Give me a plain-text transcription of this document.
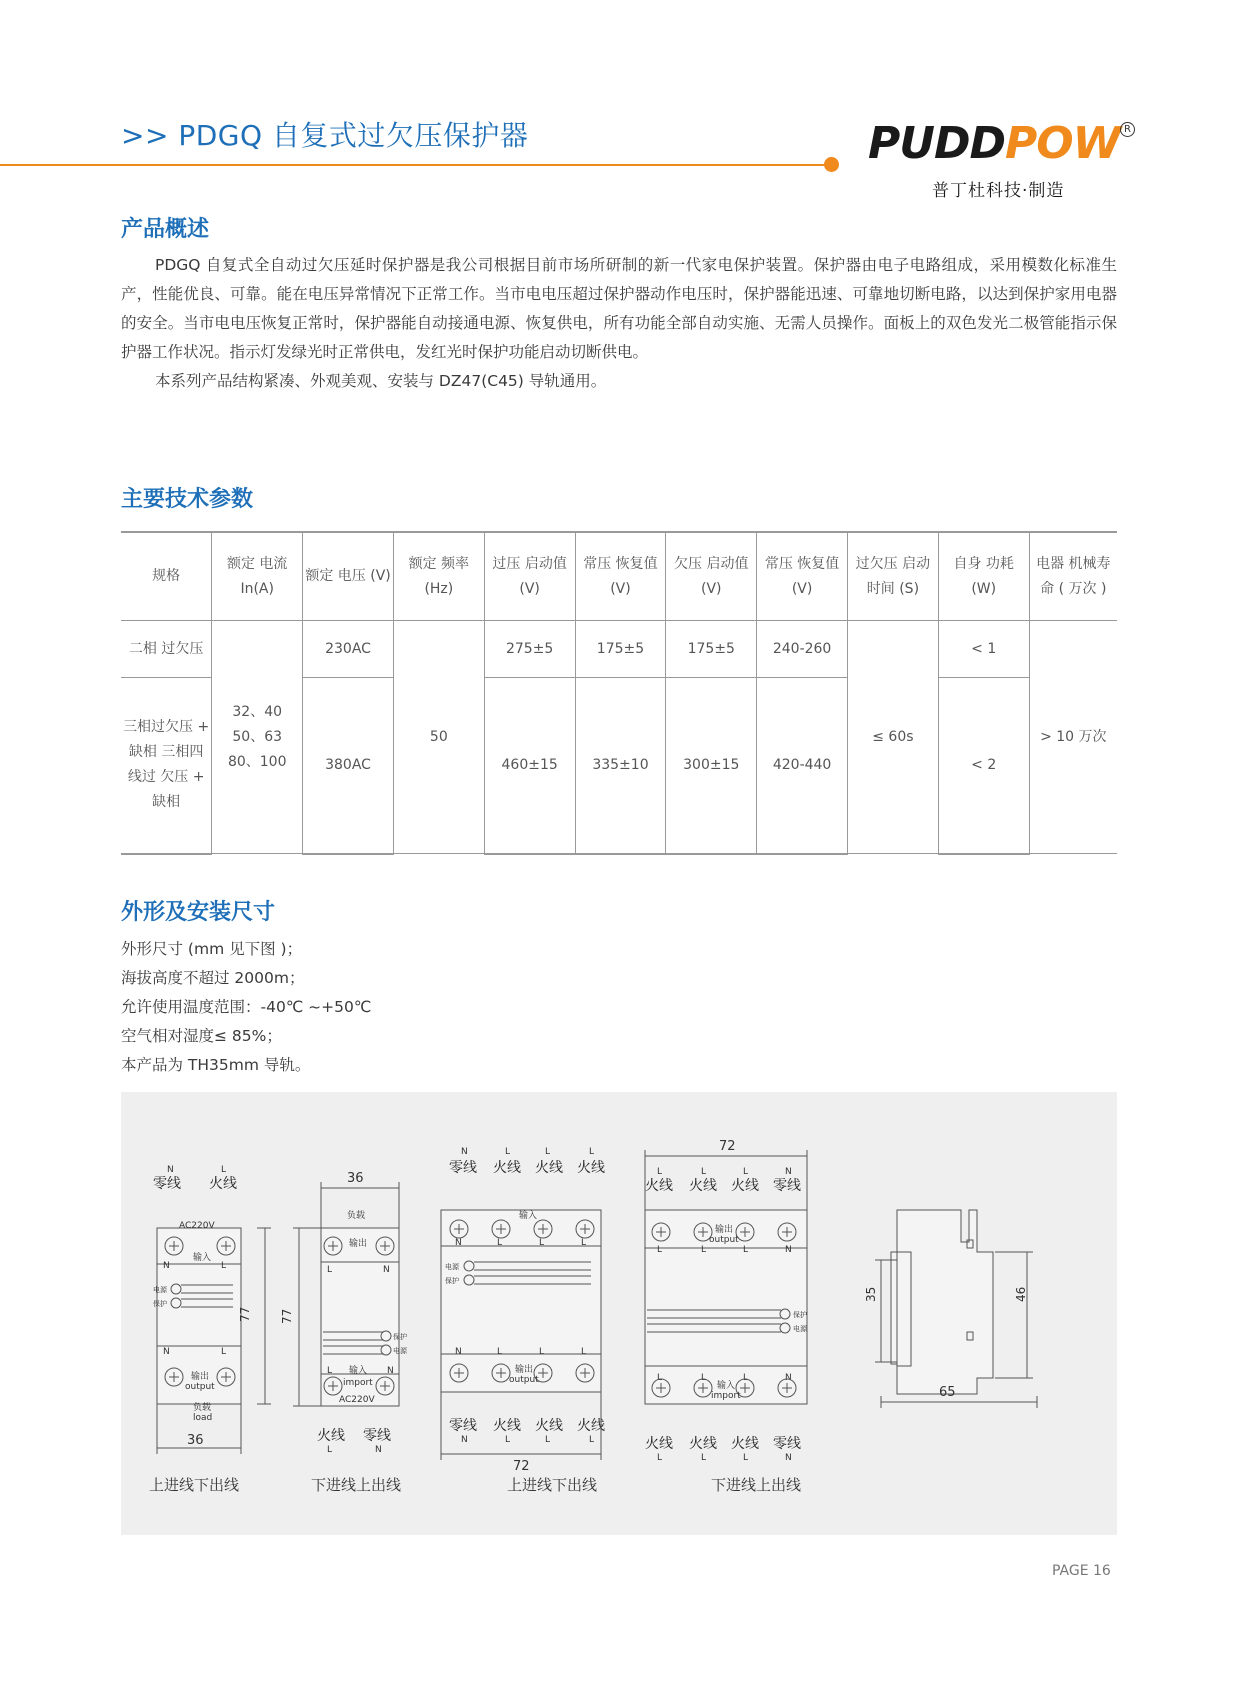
>> PDGQ 自复式过欠压保护器	PUDDPOW R
普丁杜科技·制造
产品概述

PDGQ 自复式全自动过欠压延时保护器是我公司根据目前市场所研制的新一代家电保护装置。保护器由电子电路组成，采用模数化标准生产，性能优良、可靠。能在电压异常情况下正常工作。当市电电压超过保护器动作电压时，保护器能迅速、可靠地切断电路，以达到保护家用电器的安全。当市电电压恢复正常时，保护器能自动接通电源、恢复供电，所有功能全部自动实施、无需人员操作。面板上的双色发光二极管能指示保护器工作状况。指示灯发绿光时正常供电，发红光时保护功能启动切断供电。

本系列产品结构紧凑、外观美观、安装与 DZ47(C45) 导轨通用。

主要技术参数
规格	额定 电流 In(A)	额定 电压 (V)	额定 频率 (Hz)	过压 启动值 (V)	常压 恢复值 (V)	欠压 启动值 (V)	常压 恢复值 (V)	过欠压 启动 时间 (S)	自身 功耗 (W)	电器 机械寿命 ( 万次 )
二相 过欠压	32、40 50、63 80、100	230AC	50	275±5	175±5	175±5	240-260	≤ 60s	< 1	> 10 万次
三相过欠压 + 缺相 三相四线过 欠压 + 缺相		380AC		460±15	335±10	300±15	420-440		< 2	
外形及安装尺寸
外形尺寸 (mm 见下图 )；
海拔高度不超过 2000m；
允许使用温度范围：-40℃ ~+50℃
空气相对湿度≤ 85%；
本产品为 TH35mm 导轨。
N	L
零线 火线
AC220V
N
输入
L
电源
保护
N	L
输出
output
负载
load
77
36
上进线下出线
36
负载
输出
L	N
保护
电源
L 输入 N
import
AC220V
77
火线 零线
L	N
下进线上出线
N	L	L	L
零线 火线 火线 火线
输入
N	L	L	L
电源
保护
N	L	L	L
输出
output
零线 火线 火线 火线
N	L	L	L
72
上进线下出线
72
L	L	L	N
火线 火线 火线 零线
输出
output
L	L	L	N
保护
电源
L	L	L	N
输入
import
火线 火线 火线 零线
L	L	L	N
下进线上出线
35	46
65
PAGE 16
